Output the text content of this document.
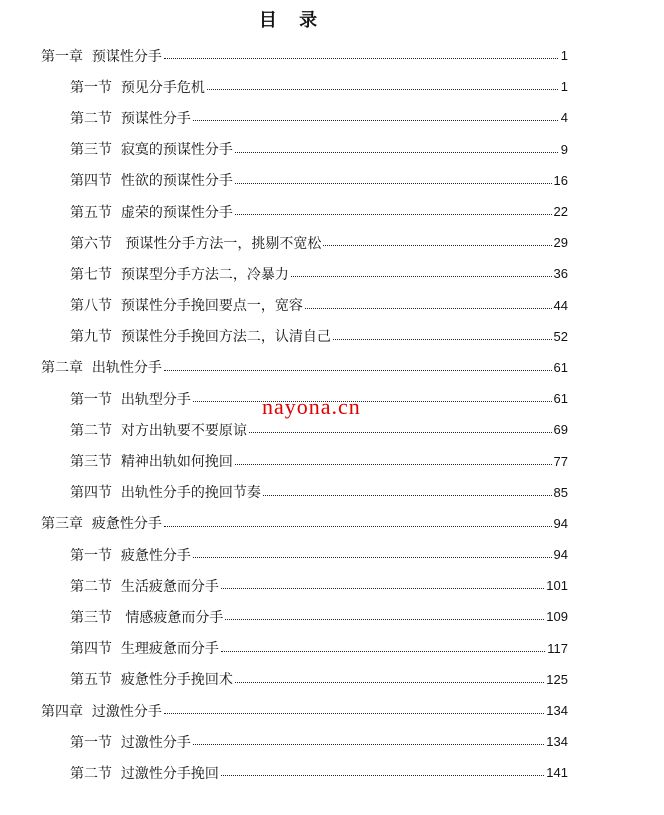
目 录
第一章  预谋性分手	1
第一节  预见分手危机	1
第二节  预谋性分手	4
第三节  寂寞的预谋性分手	9
第四节  性欲的预谋性分手	16
第五节  虚荣的预谋性分手	22
第六节   预谋性分手方法一，挑剔不宽松	29
第七节  预谋型分手方法二，冷暴力	36
第八节  预谋性分手挽回要点一，宽容	44
第九节  预谋性分手挽回方法二，认清自己	52
第二章  出轨性分手	61
第一节  出轨型分手	61
第二节  对方出轨要不要原谅	69
第三节  精神出轨如何挽回	77
第四节  出轨性分手的挽回节奏	85
第三章  疲惫性分手	94
第一节  疲惫性分手	94
第二节  生活疲惫而分手	101
第三节   情感疲惫而分手	109
第四节  生理疲惫而分手	117
第五节  疲惫性分手挽回术	125
第四章  过激性分手	134
第一节  过激性分手	134
第二节  过激性分手挽回	141
nayona.cn
